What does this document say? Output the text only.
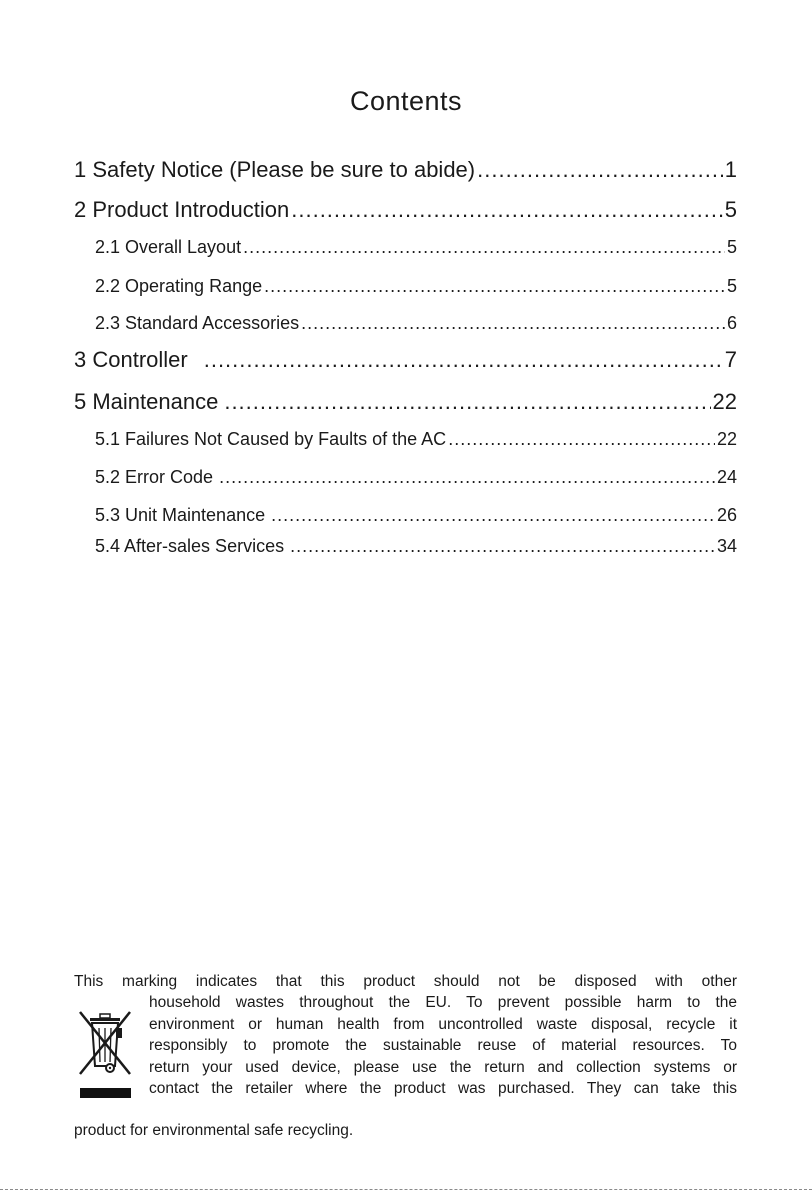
Contents
1 Safety Notice (Please be sure to abide) .....	1
2 Product Introduction .....	5
2.1 Overall Layout .....	5
2.2 Operating Range .....	5
2.3 Standard Accessories .....	6
3 Controller .....	7
5 Maintenance .....	22
5.1 Failures Not Caused by Faults of the AC .....	22
5.2 Error Code .....	24
5.3 Unit Maintenance .....	26
5.4 After-sales Services .....	34
This marking indicates that this product should not be disposed with other
household wastes throughout the EU. To prevent possible harm to the
environment or human health from uncontrolled waste disposal, recycle it
responsibly to promote the sustainable reuse of material resources. To
return your used device, please use the return and collection systems or
contact the retailer where the product was purchased. They can take this
product for environmental safe recycling.
